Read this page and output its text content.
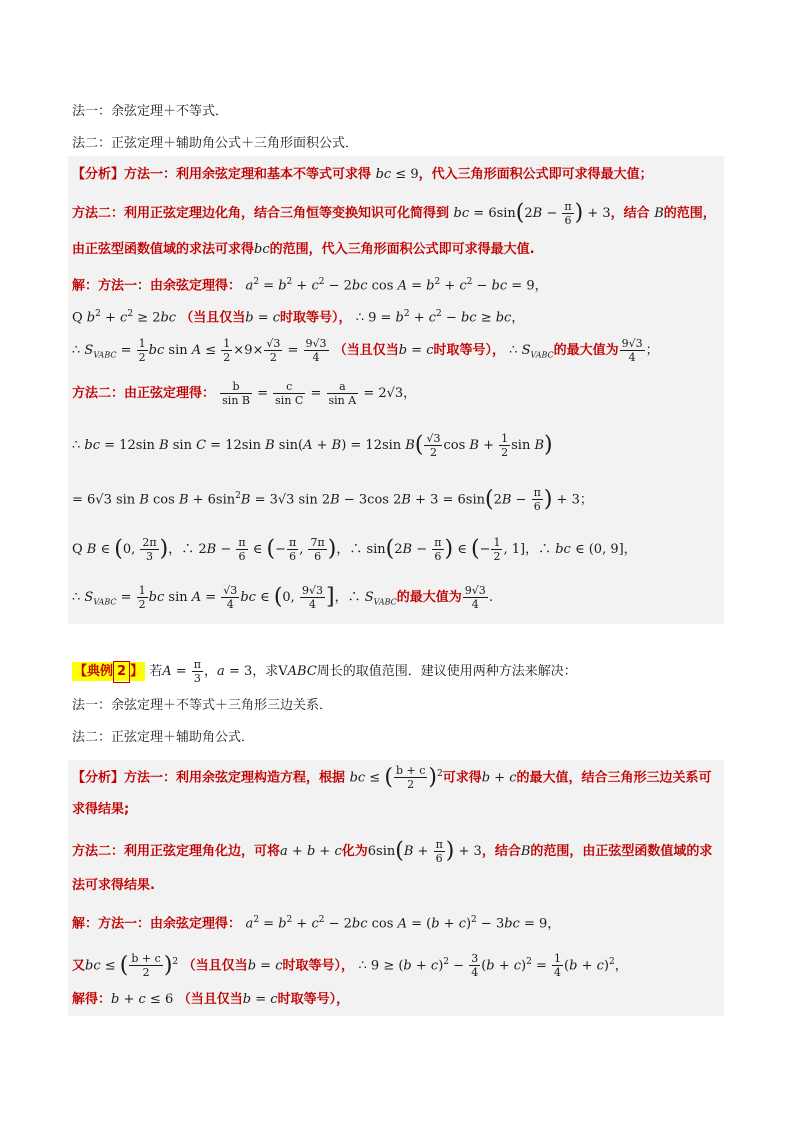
法一：余弦定理＋不等式．
法二：正弦定理＋辅助角公式＋三角形面积公式．
【分析】方法一：利用余弦定理和基本不等式可求得 bc ≤ 9，代入三角形面积公式即可求得最大值；
方法二：利用正弦定理边化角，结合三角恒等变换知识可化简得到 bc = $6\sin(2B - \frac{\pi}{6}$ ) + 3，结合 B的范围，
由正弦型函数值域的求法可求得bc的范围，代入三角形面积公式即可求得最大值.
解：方法一：由余弦定理得： $a^2 = b^2 + c^2 - 2bc$ $\cos A = b^2 + c^2$ − bc = 9，
Q $b^2 + c^2 \ge 2bc$ （当且仅当b = c时取等号）， ∴ $9 = b^2 + c^2$ − bc ≥ bc，
∴ $S_{VABC} = \frac{1}{2}$ bc $\sin A \le \frac{1}{2} \times 9\times \frac{√3}{2} = \frac{9√3}{4}$ （当且仅当b = c时取等号）， ∴ $S_{VABC}$的最大值为 $\frac{9√3}{4}$ ；
方法二：由正弦定理得： $\frac{b}{\text{sin B}} = \frac{c}{\text{sin C}} = \frac{a}{\text{sin A}} = 2√3$，
∴ bc = 12sin B sin C = 12sin B sin(A + B) = 12sin $B( \frac{√3}{2}$ $\cos B + \frac{1}{2}$ sin B)
= 6√3 sin B $\cos B + 6\sin^2B = 3√3$ sin 2B − 3cos $2B + 3 = 6\sin(2B - \frac{\pi}{6}$ ) + 3；
Q B ∈ (0, $\frac{2\pi}{3}$ )，∴ $2B - \frac{\pi}{6}$ ∈ (− $\frac{\pi}{6}$ , $\frac{7\pi}{6}$ )，∴ $\sin(2B - \frac{\pi}{6}$ ) ∈ (− $\frac{1}{2}$ , 1]，∴ bc ∈ (0, 9]，
∴ $S_{VABC} = \frac{1}{2}$ bc $\sin A = \frac{√3}{4}$ bc ∈ (0, $\frac{9√3}{4}$ ]，∴ $S_{VABC}$的最大值为 $\frac{9√3}{4}$ .
【典例 2 】 若$A = \frac{\pi}{3}$ ，a = 3，求VABC周长的取值范围．建议使用两种方法来解决：
法一：余弦定理＋不等式＋三角形三边关系．
法二：正弦定理＋辅助角公式．
【分析】方法一：利用余弦定理构造方程，根据 bc ≤ ( $\frac{b + c}{2} )^2$可求得b + c的最大值，结合三角形三边关系可
求得结果;
方法二：利用正弦定理角化边，可将a + b + c化为$6\sin(B + \frac{\pi}{6}$ ) + 3，结合B的范围，由正弦型函数值域的求
法可求得结果.
解：方法一：由余弦定理得： $a^2 = b^2 + c^2 - 2bc$ $\cos A = (b + c)^2 - 3bc = 9$，
又bc ≤ ( $\frac{b + c}{2} )^2$ （当且仅当b = c时取等号）， ∴ $9 \ge (b + c)^2 - \frac{3}{4} (b + c)^2 = \frac{1}{4} (b + c)^2$，
解得：b + c ≤ 6 （当且仅当b = c时取等号），
